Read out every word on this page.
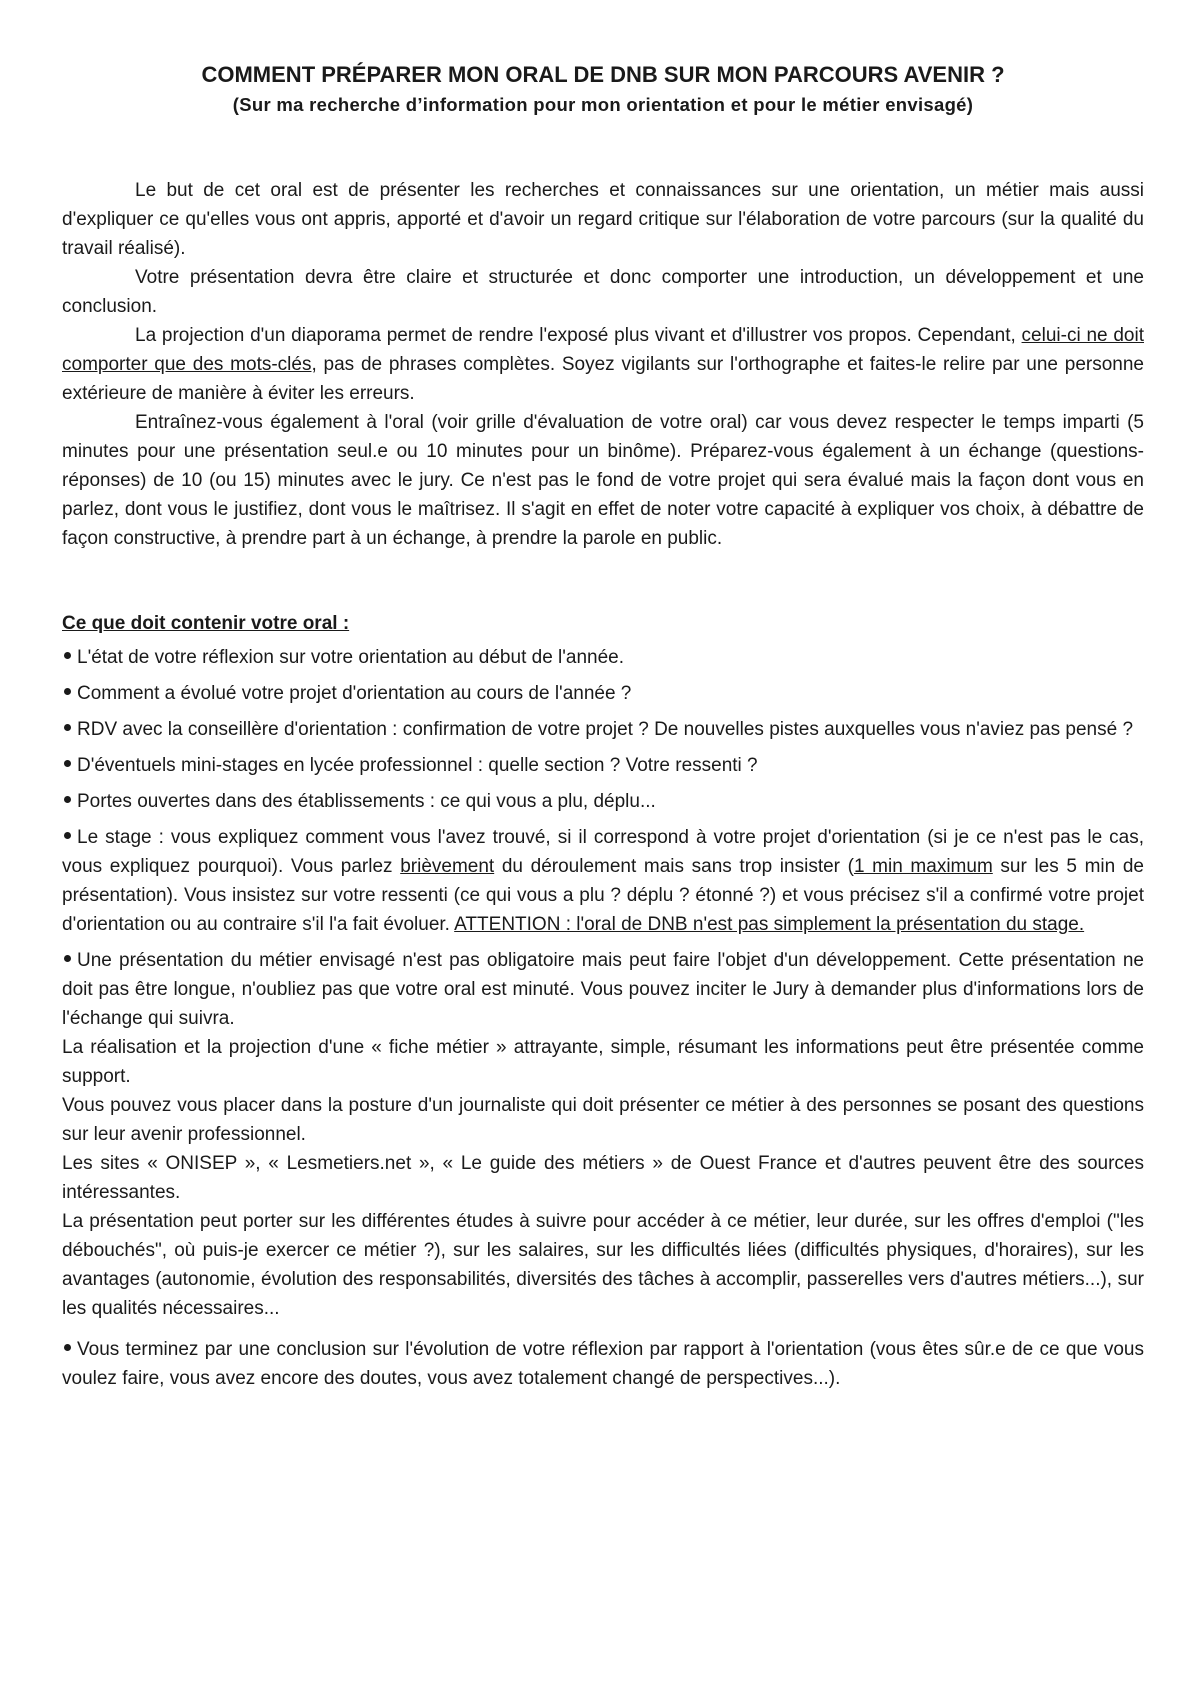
COMMENT PRÉPARER MON ORAL DE DNB SUR MON PARCOURS AVENIR ?

(Sur ma recherche d’information pour mon orientation et pour le métier envisagé)

Le but de cet oral est de présenter les recherches et connaissances sur une orientation, un métier mais aussi d'expliquer ce qu'elles vous ont appris, apporté et d'avoir un regard critique sur l'élaboration de votre parcours (sur la qualité du travail réalisé).

Votre présentation devra être claire et structurée et donc comporter une introduction, un développement et une conclusion.

La projection d'un diaporama permet de rendre l'exposé plus vivant et d'illustrer vos propos. Cependant, celui-ci ne doit comporter que des mots-clés, pas de phrases complètes. Soyez vigilants sur l'orthographe et faites-le relire par une personne extérieure de manière à éviter les erreurs.

Entraînez-vous également à l'oral (voir grille d'évaluation de votre oral) car vous devez respecter le temps imparti (5 minutes pour une présentation seul.e ou 10 minutes pour un binôme). Préparez-vous également à un échange (questions-réponses) de 10 (ou 15) minutes avec le jury. Ce n'est pas le fond de votre projet qui sera évalué mais la façon dont vous en parlez, dont vous le justifiez, dont vous le maîtrisez. Il s'agit en effet de noter votre capacité à expliquer vos choix, à débattre de façon constructive, à prendre part à un échange, à prendre la parole en public.

Ce que doit contenir votre oral :

L'état de votre réflexion sur votre orientation au début de l'année.

Comment a évolué votre projet d'orientation au cours de l'année ?

RDV avec la conseillère d'orientation : confirmation de votre projet ? De nouvelles pistes auxquelles vous n'aviez pas pensé ?

D'éventuels mini-stages en lycée professionnel : quelle section ? Votre ressenti ?

Portes ouvertes dans des établissements : ce qui vous a plu, déplu...

Le stage : vous expliquez comment vous l'avez trouvé, si il correspond à votre projet d'orientation (si je ce n'est pas le cas, vous expliquez pourquoi). Vous parlez brièvement du déroulement mais sans trop insister (1 min maximum sur les 5 min de présentation). Vous insistez sur votre ressenti (ce qui vous a plu ? déplu ? étonné ?) et vous précisez s'il a confirmé votre projet d'orientation ou au contraire s'il l'a fait évoluer. ATTENTION : l'oral de DNB n'est pas simplement la présentation du stage.

Une présentation du métier envisagé n'est pas obligatoire mais peut faire l'objet d'un développement. Cette présentation ne doit pas être longue, n'oubliez pas que votre oral est minuté. Vous pouvez inciter le Jury à demander plus d'informations lors de l'échange qui suivra.

La réalisation et la projection d'une « fiche métier » attrayante, simple, résumant les informations peut être présentée comme support.

Vous pouvez vous placer dans la posture d'un journaliste qui doit présenter ce métier à des personnes se posant des questions sur leur avenir professionnel.

Les sites « ONISEP », « Lesmetiers.net », « Le guide des métiers » de Ouest France et d'autres peuvent être des sources intéressantes.

La présentation peut porter sur les différentes études à suivre pour accéder à ce métier, leur durée, sur les offres d'emploi ("les débouchés", où puis-je exercer ce métier ?), sur les salaires, sur les difficultés liées (difficultés physiques, d'horaires), sur les avantages (autonomie, évolution des responsabilités, diversités des tâches à accomplir, passerelles vers d'autres métiers...), sur les qualités nécessaires...

Vous terminez par une conclusion sur l'évolution de votre réflexion par rapport à l'orientation (vous êtes sûr.e de ce que vous voulez faire, vous avez encore des doutes, vous avez totalement changé de perspectives...).
